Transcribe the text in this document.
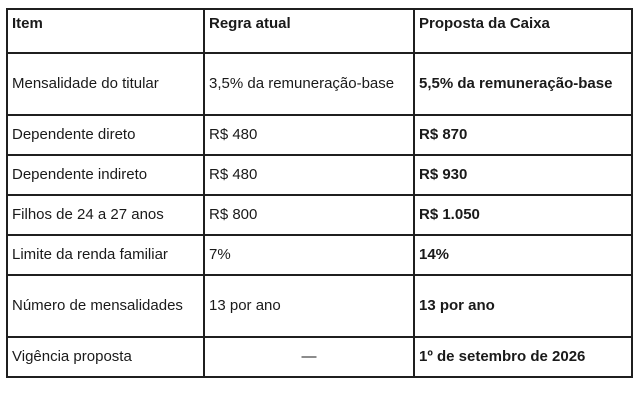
Item	Regra atual	Proposta da Caixa
Mensalidade do titular	3,5% da remuneração-base	5,5% da remuneração-base
Dependente direto	R$ 480	R$ 870
Dependente indireto	R$ 480	R$ 930
Filhos de 24 a 27 anos	R$ 800	R$ 1.050
Limite da renda familiar	7%	14%
Número de mensalidades	13 por ano	13 por ano
Vigência proposta	—	1º de setembro de 2026
